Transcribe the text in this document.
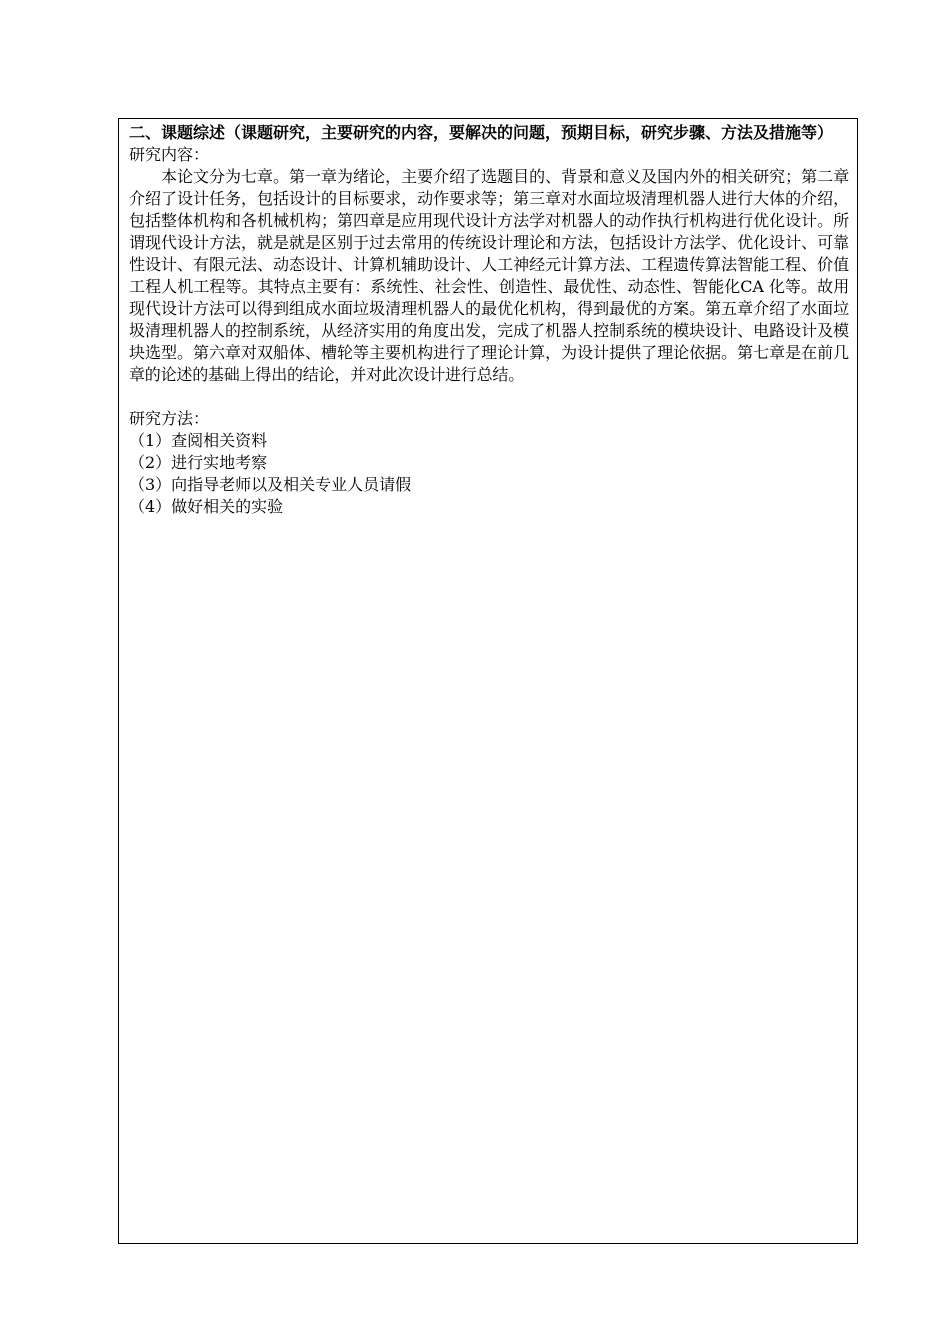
二、课题综述（课题研究，主要研究的内容，要解决的问题，预期目标，研究步骤、方法及措施等）

研究内容：

本论文分为七章。第一章为绪论，主要介绍了选题目的、背景和意义及国内外的相关研究；第二章介绍了设计任务，包括设计的目标要求，动作要求等；第三章对水面垃圾清理机器人进行大体的介绍，包括整体机构和各机械机构；第四章是应用现代设计方法学对机器人的动作执行机构进行优化设计。所谓现代设计方法，就是就是区别于过去常用的传统设计理论和方法，包括设计方法学、优化设计、可靠性设计、有限元法、动态设计、计算机辅助设计、人工神经元计算方法、工程遗传算法智能工程、价值工程人机工程等。其特点主要有：系统性、社会性、创造性、最优性、动态性、智能化CA 化等。故用现代设计方法可以得到组成水面垃圾清理机器人的最优化机构，得到最优的方案。第五章介绍了水面垃圾清理机器人的控制系统，从经济实用的角度出发，完成了机器人控制系统的模块设计、电路设计及模块选型。第六章对双船体、槽轮等主要机构进行了理论计算，为设计提供了理论依据。第七章是在前几章的论述的基础上得出的结论，并对此次设计进行总结。

研究方法：

（1）查阅相关资料
（2）进行实地考察
（3）向指导老师以及相关专业人员请假
（4）做好相关的实验
